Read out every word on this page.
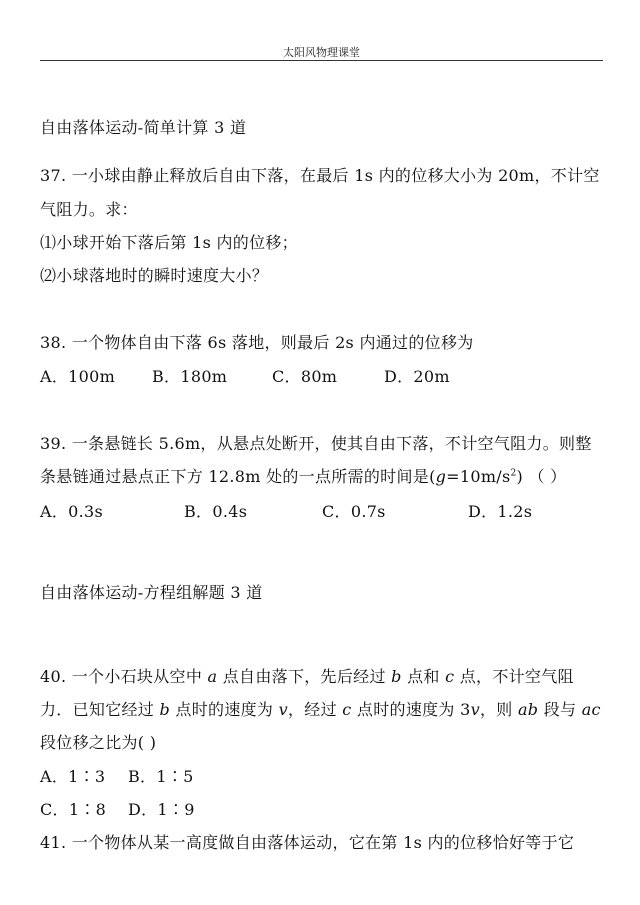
太阳风物理课堂
自由落体运动-简单计算 3 道
37. 一小球由静止释放后自由下落，在最后 1s 内的位移大小为 20m，不计空
气阻力。求：
⑴小球开始下落后第 1s 内的位移；
⑵小球落地时的瞬时速度大小？
38. 一个物体自由下落 6s 落地，则最后 2s 内通过的位移为
A．100m	B．180m	C．80m	D．20m
39. 一条悬链长 5.6m，从悬点处断开，使其自由下落，不计空气阻力。则整
条悬链通过悬点正下方 12.8m 处的一点所需的时间是$(g=10m/s^2)$ （ ）
A．0.3s	B．0.4s	C．0.7s	D．1.2s
自由落体运动-方程组解题 3 道
40. 一个小石块从空中 a 点自由落下，先后经过 b 点和 c 点，不计空气阻
力．已知它经过 b 点时的速度为 v，经过 c 点时的速度为 3v，则 ab 段与 ac
段位移之比为( )
A．1∶3	B．1∶5
C．1∶8	D．1∶9
41. 一个物体从某一高度做自由落体运动，它在第 1s 内的位移恰好等于它
